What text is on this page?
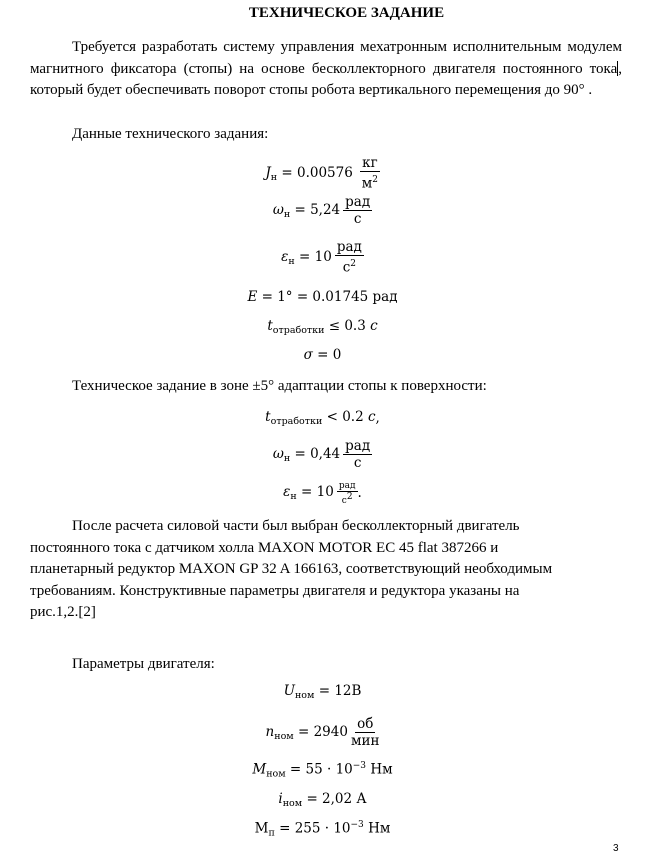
ТЕХНИЧЕСКОЕ ЗАДАНИЕ
Требуется разработать систему управления мехатронным исполнительным модулем магнитного фиксатора (стопы) на основе бесколлекторного двигателя постоянного тока, который будет обеспечивать поворот стопы робота вертикального перемещения до 90° .
Данные технического задания:
Техническое задание в зоне ±5° адаптации стопы к поверхности:
После расчета силовой части был выбран бесколлекторный двигатель
постоянного тока с датчиком холла MAXON MOTOR EC 45 flat 387266 и
планетарный редуктор MAXON GP 32 A 166163, соответствующий необходимым
требованиям. Конструктивные параметры двигателя и редуктора указаны на
рис.1,2.[2]
Параметры двигателя:
3
$J_н = 0.00576 \frac{кг}{м^2}$
$\omega_н = 5,24 \frac{\text{рад}}{с}$
$\varepsilon_н = 10 \frac{\text{рад}}{с^2}$
E = 1° = 0.01745 рад
$t_{отработки} \le 0.3$ c
σ = 0
$t_{отработки} < 0.2$ c ,
$\omega_н = 0,44 \frac{\text{рад}}{с}$
$\varepsilon_н = 10 \frac{\text{рад}}{с^2}$ .
$U_{ном} = 12В$
$n_{ном} = 2940 \frac{об}{\text{мин}}$
$M_{ном} = 55 \cdot 10^{-3}$ Нм
$i_{ном} = 2,02$ А
$М_п = 255 \cdot 10^{-3}$ Нм
